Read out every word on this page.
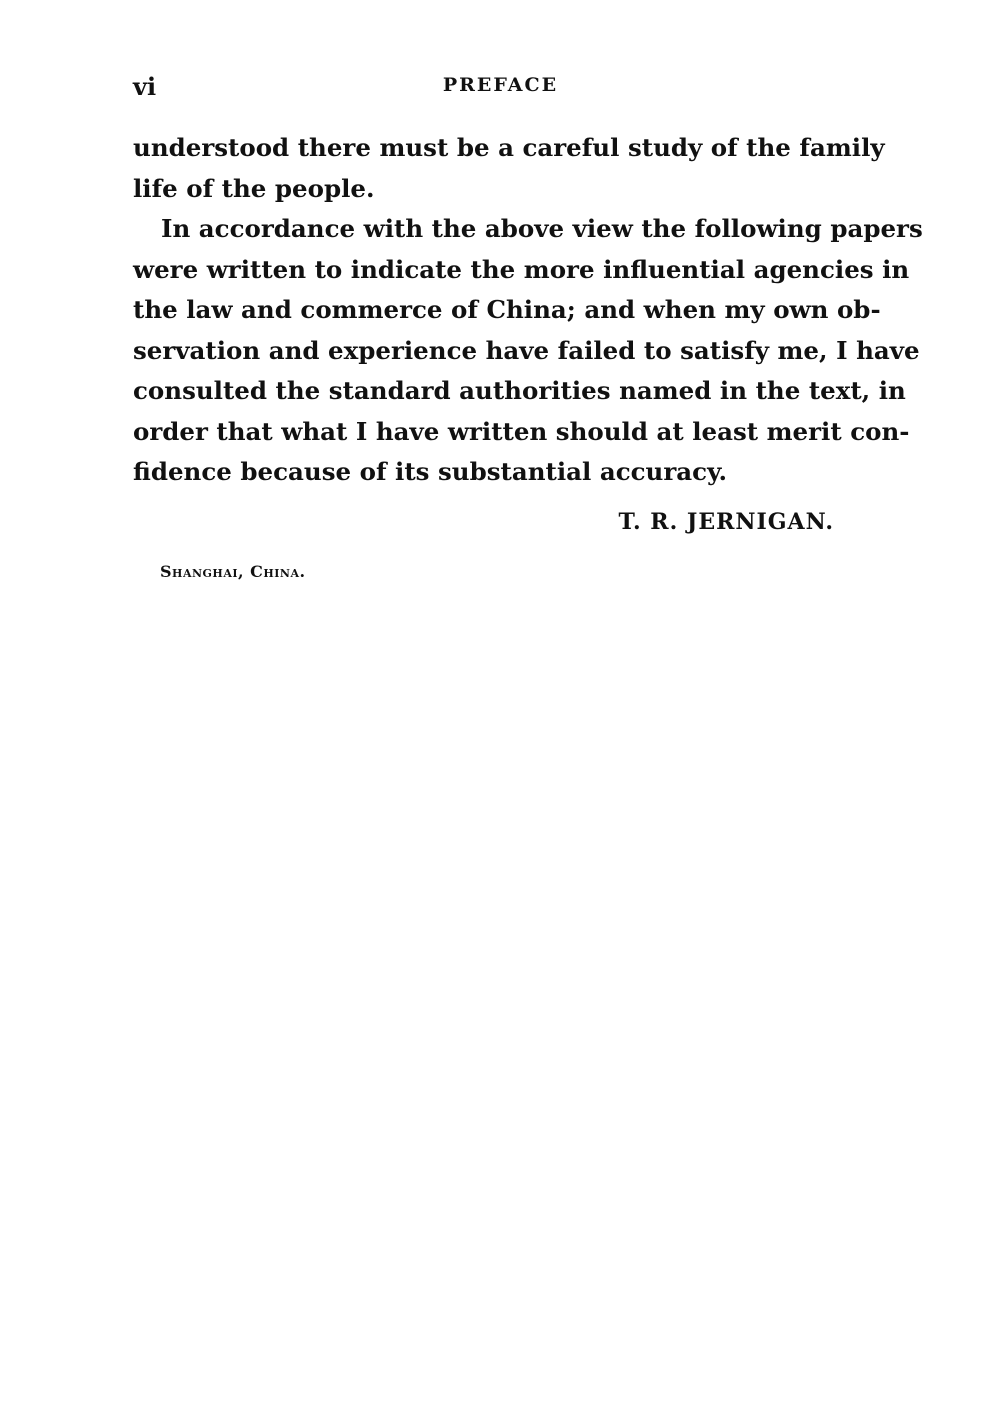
vi	PREFACE
understood there must be a careful study of the family
life of the people.
In accordance with the above view the following papers
were written to indicate the more influential agencies in
the law and commerce of China; and when my own ob-
servation and experience have failed to satisfy me, I have
consulted the standard authorities named in the text, in
order that what I have written should at least merit con-
fidence because of its substantial accuracy.
T. R. JERNIGAN.
Shanghai, China.
